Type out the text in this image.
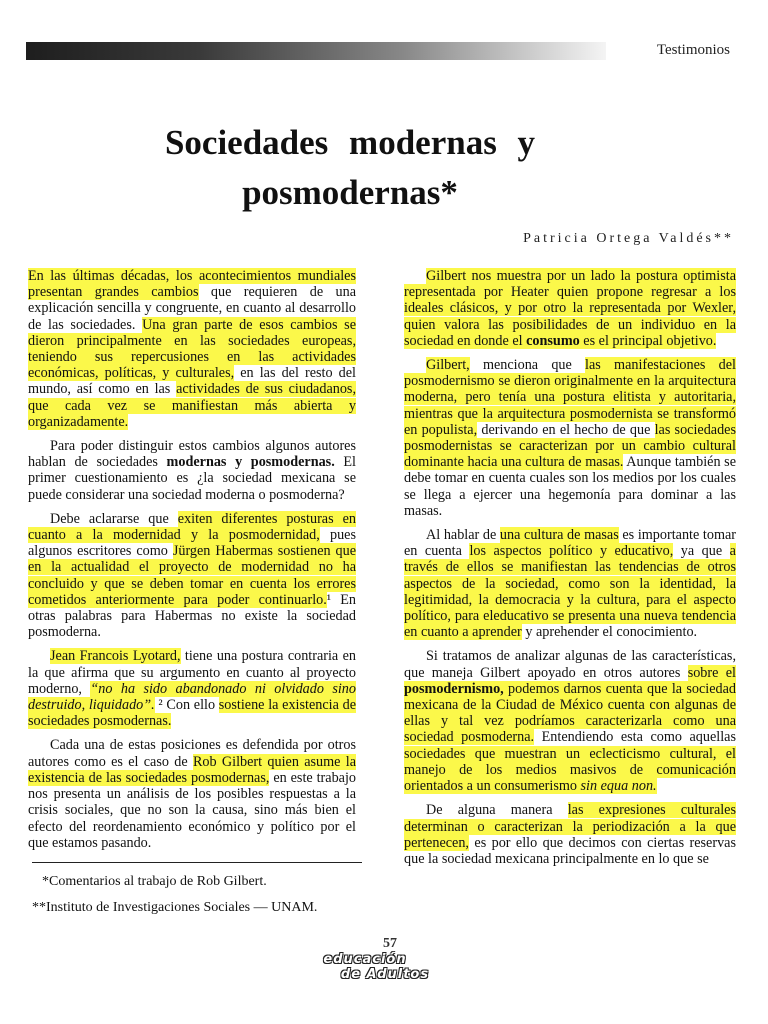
Testimonios
Sociedades modernas y
posmodernas*
Patricia Ortega Valdés**

En las últimas décadas, los acontecimientos mundiales presentan grandes cambios que requieren de una explicación sencilla y congruente, en cuanto al desarrollo de las sociedades. Una gran parte de esos cambios se dieron principalmente en las sociedades europeas, teniendo sus repercusiones en las actividades económicas, políticas, y culturales, en las del resto del mundo, así como en las actividades de sus ciudadanos, que cada vez se manifiestan más abierta y organizadamente.

Para poder distinguir estos cambios algunos autores hablan de sociedades modernas y posmodernas. El primer cuestionamiento es ¿la sociedad mexicana se puede considerar una sociedad moderna o posmoderna?

Debe aclararse que exiten diferentes posturas en cuanto a la modernidad y la posmodernidad, pues algunos escritores como Jürgen Habermas sostienen que en la actualidad el proyecto de modernidad no ha concluido y que se deben tomar en cuenta los errores cometidos anteriormente para poder continuarlo.¹ En otras palabras para Habermas no existe la sociedad posmoderna.

Jean Francois Lyotard, tiene una postura contraria en la que afirma que su argumento en cuanto al proyecto moderno, “no ha sido abandonado ni olvidado sino destruido, liquidado”. ² Con ello sostiene la existencia de sociedades posmodernas.

Cada una de estas posiciones es defendida por otros autores como es el caso de Rob Gilbert quien asume la existencia de las sociedades posmodernas, en este trabajo nos presenta un análisis de los posibles respuestas a la crisis sociales, que no son la causa, sino más bien el efecto del reordenamiento económico y político por el que estamos pasando.

Gilbert nos muestra por un lado la postura optimista representada por Heater quien propone regresar a los ideales clásicos, y por otro la representada por Wexler, quien valora las posibilidades de un individuo en la sociedad en donde el consumo es el principal objetivo.

Gilbert, menciona que las manifestaciones del posmodernismo se dieron originalmente en la arquitectura moderna, pero tenía una postura elitista y autoritaria, mientras que la arquitectura posmodernista se transformó en populista, derivando en el hecho de que las sociedades posmodernistas se caracterizan por un cambio cultural dominante hacia una cultura de masas. Aunque también se debe tomar en cuenta cuales son los medios por los cuales se llega a ejercer una hegemonía para dominar a las masas.

Al hablar de una cultura de masas es importante tomar en cuenta los aspectos político y educativo, ya que a través de ellos se manifiestan las tendencias de otros aspectos de la sociedad, como son la identidad, la legitimidad, la democracia y la cultura, para el aspecto político, para eleducativo se presenta una nueva tendencia en cuanto a aprender y aprehender el conocimiento.

Si tratamos de analizar algunas de las características, que maneja Gilbert apoyado en otros autores sobre el posmodernismo, podemos darnos cuenta que la sociedad mexicana de la Ciudad de México cuenta con algunas de ellas y tal vez podríamos caracterizarla como una sociedad posmoderna. Entendiendo esta como aquellas sociedades que muestran un eclecticismo cultural, el manejo de los medios masivos de comunicación orientados a un consumerismo sin equa non.

De alguna manera las expresiones culturales determinan o caracterizan la periodización a la que pertenecen, es por ello que decimos con ciertas reservas que la sociedad mexicana principalmente en lo que se

*Comentarios al trabajo de Rob Gilbert.
**Instituto de Investigaciones Sociales — UNAM.
57
educación
de Adultos
